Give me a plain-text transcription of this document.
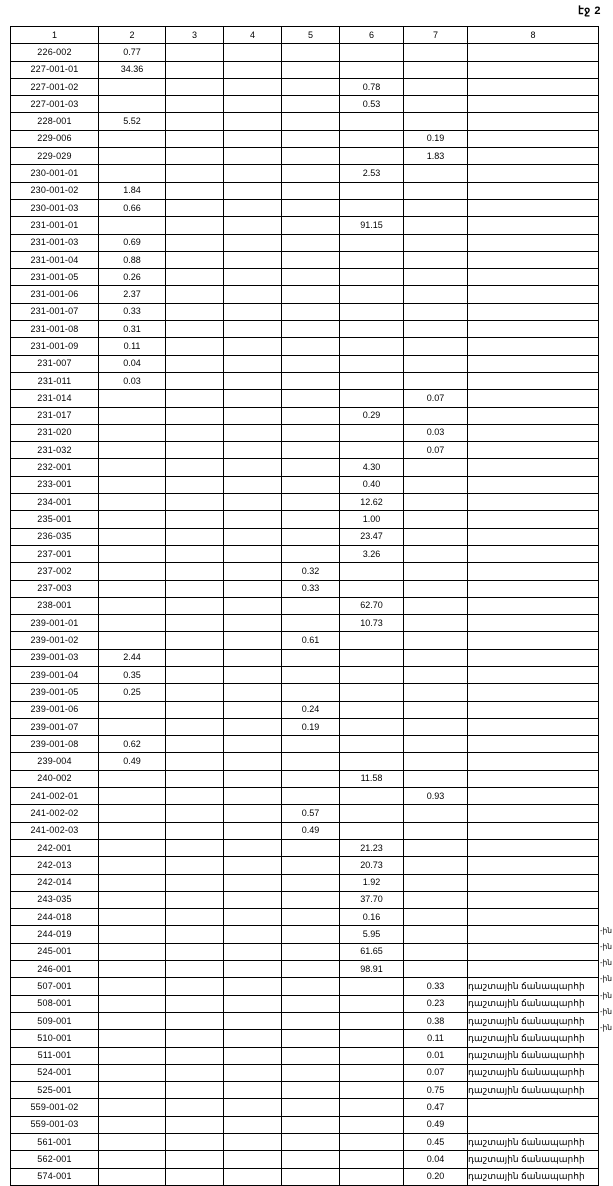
էջ 2
1	2	3	4	5	6	7	8
226-002	0.77						
227-001-01	34.36						
227-001-02					0.78		
227-001-03					0.53		
228-001	5.52						
229-006						0.19	
229-029						1.83	
230-001-01					2.53		
230-001-02	1.84						
230-001-03	0.66						
231-001-01					91.15		
231-001-03	0.69						
231-001-04	0.88						
231-001-05	0.26						
231-001-06	2.37						
231-001-07	0.33						
231-001-08	0.31						
231-001-09	0.11						
231-007	0.04						
231-011	0.03						
231-014						0.07	
231-017					0.29		
231-020						0.03	
231-032						0.07	
232-001					4.30		
233-001					0.40		
234-001					12.62		
235-001					1.00		
236-035					23.47		
237-001					3.26		
237-002				0.32			
237-003				0.33			
238-001					62.70		
239-001-01					10.73		
239-001-02				0.61			
239-001-03	2.44						
239-001-04	0.35						
239-001-05	0.25						
239-001-06				0.24			
239-001-07				0.19			
239-001-08	0.62						
239-004	0.49						
240-002					11.58		
241-002-01						0.93	
241-002-02				0.57			
241-002-03				0.49			
242-001					21.23		
242-013					20.73		
242-014					1.92		
243-035					37.70		
244-018					0.16		
244-019					5.95		
245-001					61.65		
246-001					98.91		
507-001						0.33	դաշտային ճանապարհի
508-001						0.23	դաշտային ճանապարհի
509-001						0.38	դաշտային ճանապարհի
510-001						0.11	դաշտային ճանապարհի
511-001						0.01	դաշտային ճանապարհի
524-001						0.07	դաշտային ճանապարհի
525-001						0.75	դաշտային ճանապարհի
559-001-02						0.47	
559-001-03						0.49	
561-001						0.45	դաշտային ճանապարհի
562-001						0.04	դաշտային ճանապարհի
574-001						0.20	դաշտային ճանապարհի
-ին
-ին
-ին
-ին
-ին
-ին
-ին
